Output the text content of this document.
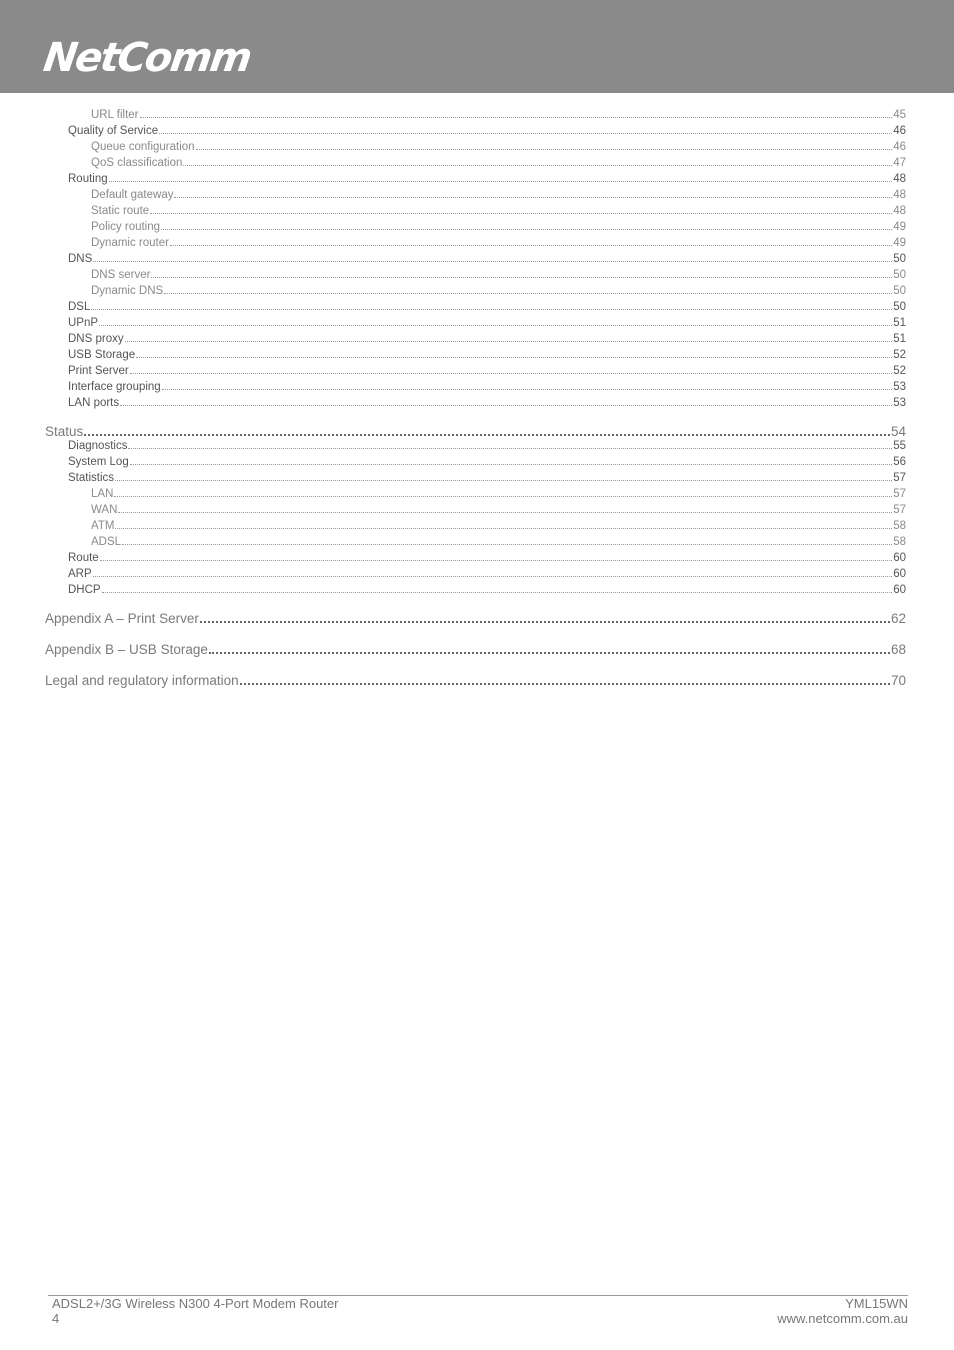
NetComm
URL filter	45
Quality of Service	46
Queue configuration	46
QoS classification	47
Routing	48
Default gateway	48
Static route	48
Policy routing	49
Dynamic router	49
DNS	50
DNS server	50
Dynamic DNS	50
DSL	50
UPnP	51
DNS proxy	51
USB Storage	52
Print Server	52
Interface grouping	53
LAN ports	53
Status	54
Diagnostics	55
System Log	56
Statistics	57
LAN	57
WAN	57
ATM	58
ADSL	58
Route	60
ARP	60
DHCP	60
Appendix A – Print Server	62
Appendix B – USB Storage	68
Legal and regulatory information	70
ADSL2+/3G Wireless N300 4-Port Modem Router
4
YML15WN
www.netcomm.com.au
